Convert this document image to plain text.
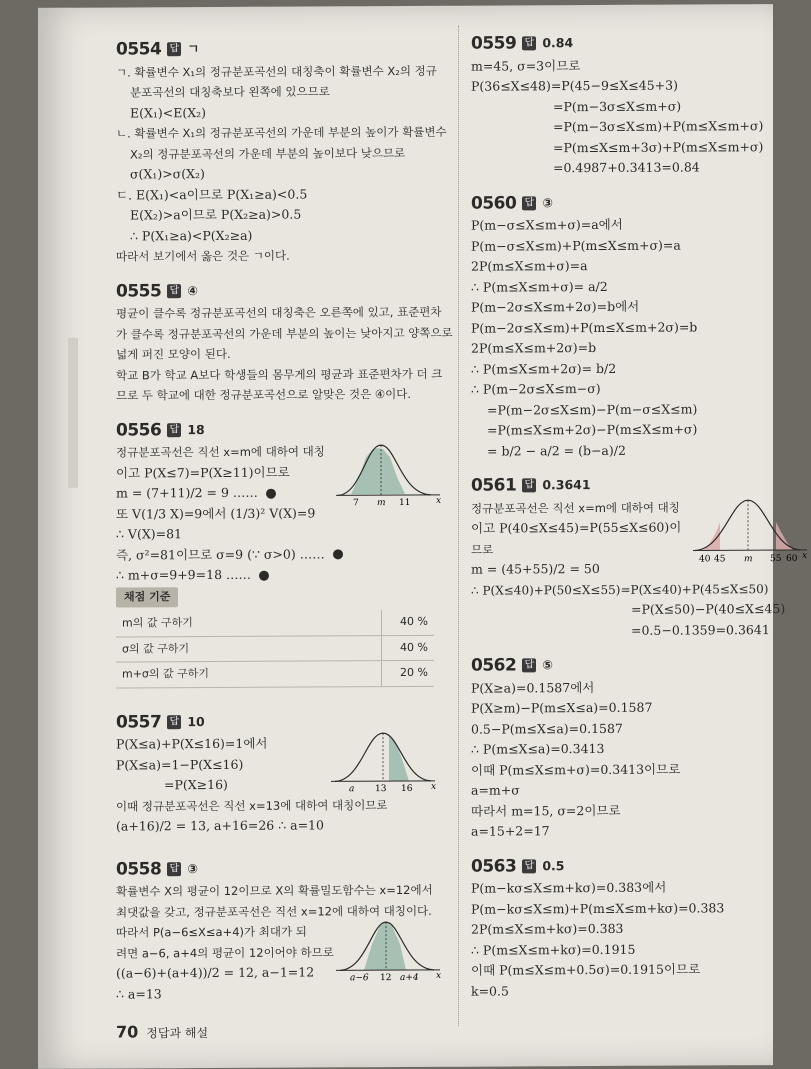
0554 답 ㄱ
ㄱ. 확률변수 X₁의 정규분포곡선의 대칭축이 확률변수 X₂의 정규
분포곡선의 대칭축보다 왼쪽에 있으므로
E(X₁)<E(X₂)
ㄴ. 확률변수 X₁의 정규분포곡선의 가운데 부분의 높이가 확률변수
X₂의 정규분포곡선의 가운데 부분의 높이보다 낮으므로
σ(X₁)>σ(X₂)
ㄷ. E(X₁)<a이므로 P(X₁≥a)<0.5
E(X₂)>a이므로 P(X₂≥a)>0.5
∴ P(X₁≥a)<P(X₂≥a)
따라서 보기에서 옳은 것은 ㄱ이다.
0555 답 ④
평균이 클수록 정규분포곡선의 대칭축은 오른쪽에 있고, 표준편차
가 클수록 정규분포곡선의 가운데 부분의 높이는 낮아지고 양쪽으로
넓게 퍼진 모양이 된다.
학교 B가 학교 A보다 학생들의 몸무게의 평균과 표준편차가 더 크
므로 두 학교에 대한 정규분포곡선으로 알맞은 것은 ④이다.
0556 답 18
정규분포곡선은 직선 x=m에 대하여 대칭
이고 P(X≤7)=P(X≥11)이므로
m = (7+11)/2 = 9 ……
또 V(1/3 X)=9에서 (1/3)² V(X)=9
∴ V(X)=81
즉, σ²=81이므로 σ=9 (∵ σ>0) ……
∴ m+σ=9+9=18 ……
7 m 11	x
채점 기준
m의 값 구하기	40 %
σ의 값 구하기	40 %
m+σ의 값 구하기	20 %
0557 답 10
P(X≤a)+P(X≤16)=1에서
P(X≤a)=1−P(X≤16)
=P(X≥16)
이때 정규분포곡선은 직선 x=13에 대하여 대칭이므로
(a+16)/2 = 13, a+16=26 ∴ a=10
a 13 16 x
0558 답 ③
확률변수 X의 평균이 12이므로 X의 확률밀도함수는 x=12에서
최댓값을 갖고, 정규분포곡선은 직선 x=12에 대하여 대칭이다.
따라서 P(a−6≤X≤a+4)가 최대가 되
려면 a−6, a+4의 평균이 12이어야 하므로
((a−6)+(a+4))/2 = 12, a−1=12
∴ a=13
a−6 12 a+4 x
0559 답 0.84
m=45, σ=3이므로
P(36≤X≤48)=P(45−9≤X≤45+3)
=P(m−3σ≤X≤m+σ)
=P(m−3σ≤X≤m)+P(m≤X≤m+σ)
=P(m≤X≤m+3σ)+P(m≤X≤m+σ)
=0.4987+0.3413=0.84
0560 답 ③
P(m−σ≤X≤m+σ)=a에서
P(m−σ≤X≤m)+P(m≤X≤m+σ)=a
2P(m≤X≤m+σ)=a
∴ P(m≤X≤m+σ)= a/2
P(m−2σ≤X≤m+2σ)=b에서
P(m−2σ≤X≤m)+P(m≤X≤m+2σ)=b
2P(m≤X≤m+2σ)=b
∴ P(m≤X≤m+2σ)= b/2
∴ P(m−2σ≤X≤m−σ)
=P(m−2σ≤X≤m)−P(m−σ≤X≤m)
=P(m≤X≤m+2σ)−P(m≤X≤m+σ)
= b/2 − a/2 = (b−a)/2
0561 답 0.3641
정규분포곡선은 직선 x=m에 대하여 대칭
이고 P(40≤X≤45)=P(55≤X≤60)이
므로
m = (45+55)/2 = 50
∴ P(X≤40)+P(50≤X≤55)=P(X≤40)+P(45≤X≤50)
=P(X≤50)−P(40≤X≤45)
=0.5−0.1359=0.3641
40 45 m 55 60 x
0562 답 ⑤
P(X≥a)=0.1587에서
P(X≥m)−P(m≤X≤a)=0.1587
0.5−P(m≤X≤a)=0.1587
∴ P(m≤X≤a)=0.3413
이때 P(m≤X≤m+σ)=0.3413이므로
a=m+σ
따라서 m=15, σ=2이므로
a=15+2=17
0563 답 0.5
P(m−kσ≤X≤m+kσ)=0.383에서
P(m−kσ≤X≤m)+P(m≤X≤m+kσ)=0.383
2P(m≤X≤m+kσ)=0.383
∴ P(m≤X≤m+kσ)=0.1915
이때 P(m≤X≤m+0.5σ)=0.1915이므로
k=0.5
70 정답과 해설
